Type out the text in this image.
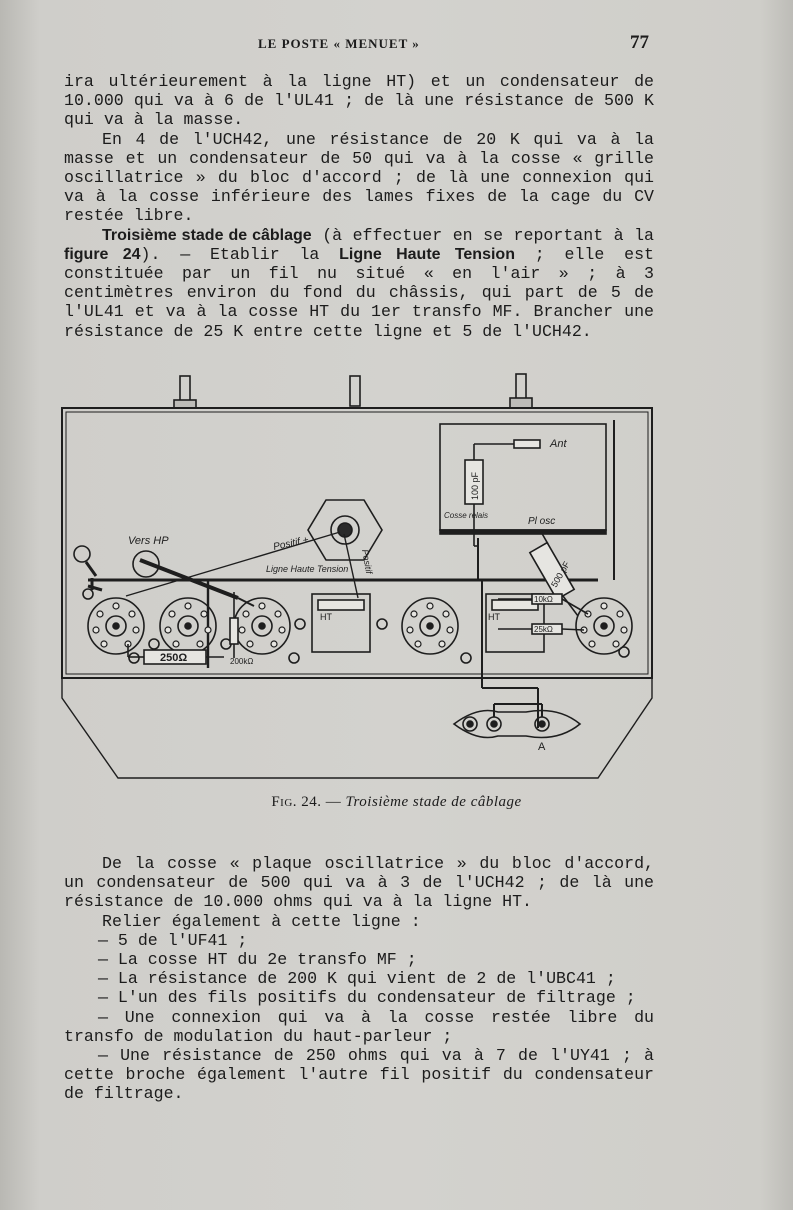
LE POSTE « MENUET »	77

ira ultérieurement à la ligne HT) et un condensateur de 10.000 qui va à 6 de l'UL41 ; de là une résistance de 500 K qui va à la masse.

En 4 de l'UCH42, une résistance de 20 K qui va à la masse et un condensateur de 50 qui va à la cosse « grille oscillatrice » du bloc d'accord ; de là une connexion qui va à la cosse inférieure des lames fixes de la cage du CV restée libre.

Troisième stade de câblage (à effectuer en se reportant à la figure 24). — Etablir la Ligne Haute Tension ; elle est constituée par un fil nu situé « en l'air » ; à 3 centimètres environ du fond du châssis, qui part de 5 de l'UL41 et va à la cosse HT du 1er transfo MF. Brancher une résistance de 25 K entre cette ligne et 5 de l'UCH42.

Vers HP	Positif +
Ligne Haute Tension Positif
Ant
100 pF
Cosse relais
Pl osc
500 pF
10kΩ
25kΩ
HT	HT
250Ω	200kΩ
A
Fig. 24. — Troisième stade de câblage

De la cosse « plaque oscillatrice » du bloc d'accord, un condensateur de 500 qui va à 3 de l'UCH42 ; de là une résistance de 10.000 ohms qui va à la ligne HT.

Relier également à cette ligne :

— 5 de l'UF41 ;

— La cosse HT du 2e transfo MF ;

— La résistance de 200 K qui vient de 2 de l'UBC41 ;

— L'un des fils positifs du condensateur de filtrage ;

— Une connexion qui va à la cosse restée libre du transfo de modulation du haut-parleur ;

— Une résistance de 250 ohms qui va à 7 de l'UY41 ; à cette broche également l'autre fil positif du condensateur de filtrage.
